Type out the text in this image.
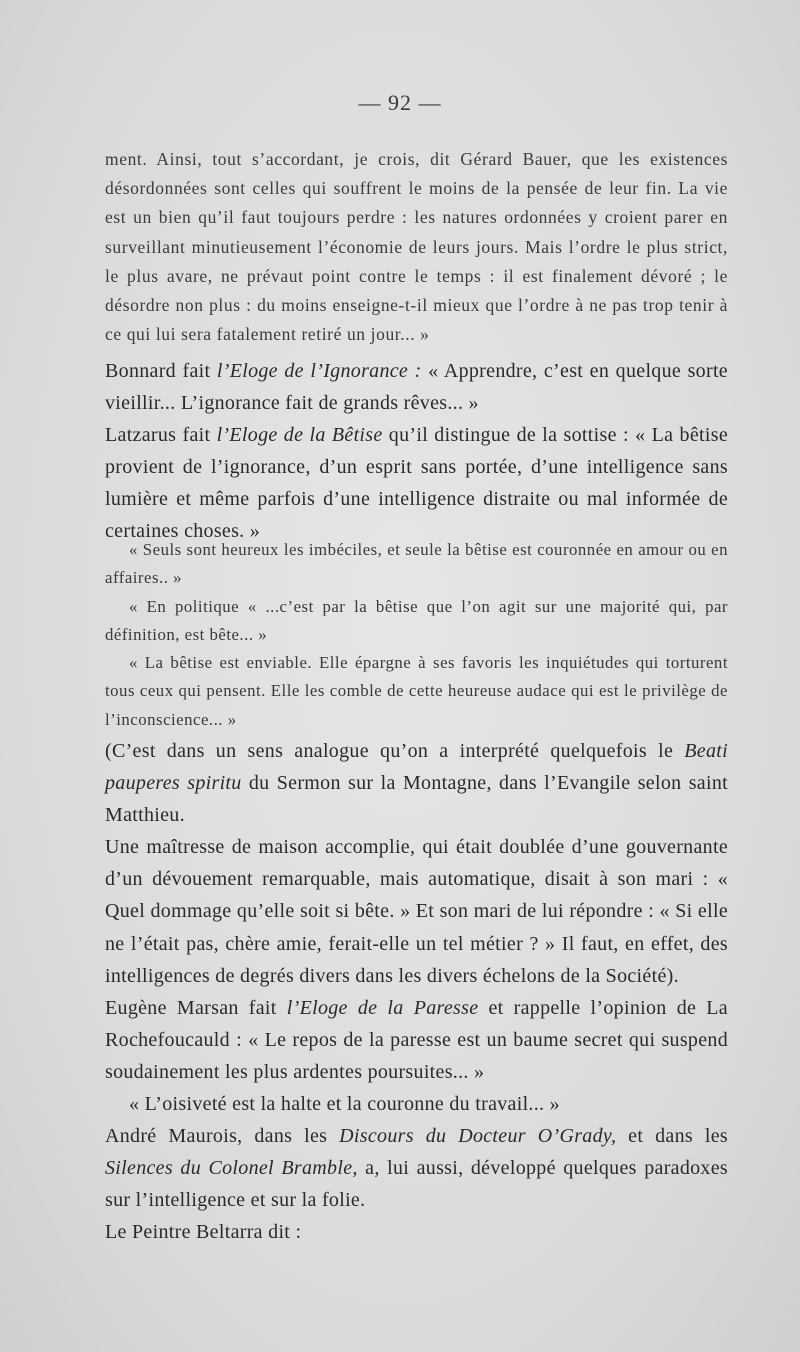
— 92 —

ment. Ainsi, tout s’accordant, je crois, dit Gérard Bauer, que les existences désordonnées sont celles qui souffrent le moins de la pensée de leur fin. La vie est un bien qu’il faut toujours perdre : les natures ordonnées y croient parer en surveillant minutieusement l’économie de leurs jours. Mais l’ordre le plus strict, le plus avare, ne prévaut point contre le temps : il est finalement dévoré ; le désordre non plus : du moins enseigne-t-il mieux que l’ordre à ne pas trop tenir à ce qui lui sera fatalement retiré un jour... »

Bonnard fait l’Eloge de l’Ignorance : « Apprendre, c’est en quelque sorte vieillir... L’ignorance fait de grands rêves... »

Latzarus fait l’Eloge de la Bêtise qu’il distingue de la sottise : « La bêtise provient de l’ignorance, d’un esprit sans portée, d’une intelligence sans lumière et même parfois d’une intelligence distraite ou mal informée de certaines choses. »

« Seuls sont heureux les imbéciles, et seule la bêtise est couronnée en amour ou en affaires.. »

« En politique « ...c’est par la bêtise que l’on agit sur une majorité qui, par définition, est bête... »

« La bêtise est enviable. Elle épargne à ses favoris les inquiétudes qui torturent tous ceux qui pensent. Elle les comble de cette heureuse audace qui est le privilège de l’inconscience... »

(C’est dans un sens analogue qu’on a interprété quelquefois le Beati pauperes spiritu du Sermon sur la Montagne, dans l’Evangile selon saint Matthieu.

Une maîtresse de maison accomplie, qui était doublée d’une gouvernante d’un dévouement remarquable, mais automatique, disait à son mari : « Quel dommage qu’elle soit si bête. » Et son mari de lui répondre : « Si elle ne l’était pas, chère amie, ferait-elle un tel métier ? » Il faut, en effet, des intelligences de degrés divers dans les divers échelons de la Société).

Eugène Marsan fait l’Eloge de la Paresse et rappelle l’opinion de La Rochefoucauld : « Le repos de la paresse est un baume secret qui suspend soudainement les plus ardentes poursuites... »

« L’oisiveté est la halte et la couronne du travail... »

André Maurois, dans les Discours du Docteur O’Grady, et dans les Silences du Colonel Bramble, a, lui aussi, développé quelques paradoxes sur l’intelligence et sur la folie.

Le Peintre Beltarra dit :
